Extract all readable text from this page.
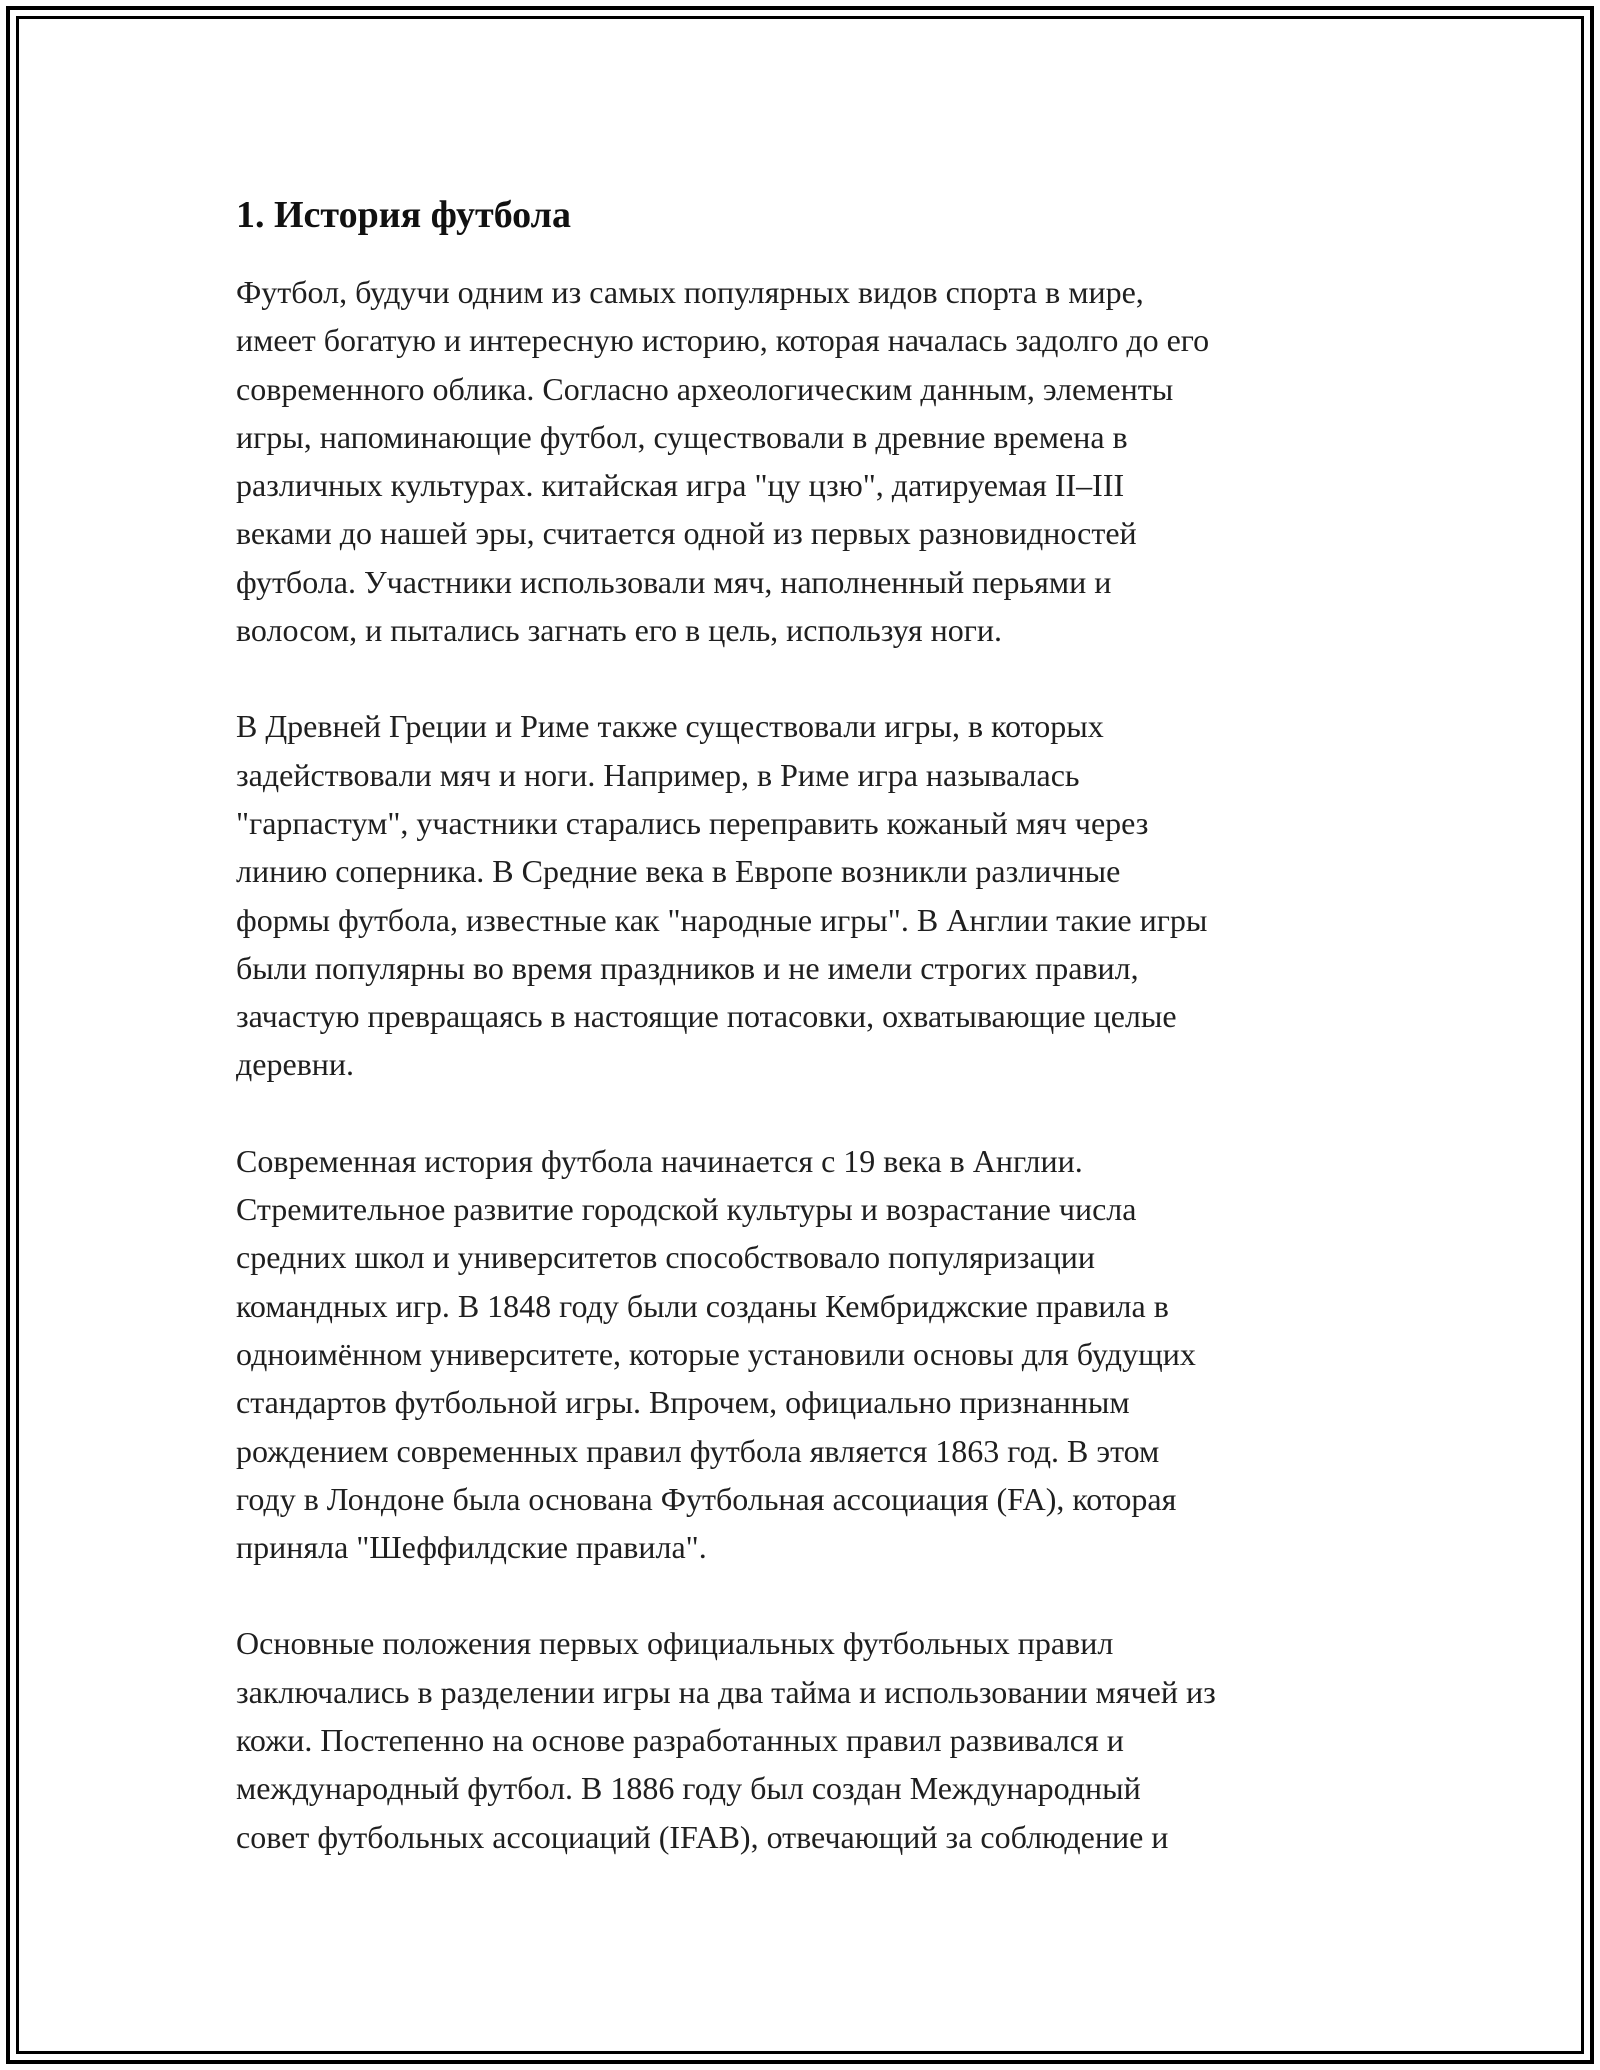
1. История футбола

Футбол, будучи одним из самых популярных видов спорта в мире,
имеет богатую и интересную историю, которая началась задолго до его
современного облика. Согласно археологическим данным, элементы
игры, напоминающие футбол, существовали в древние времена в
различных культурах. китайская игра "цу цзю", датируемая II–III
веками до нашей эры, считается одной из первых разновидностей
футбола. Участники использовали мяч, наполненный перьями и
волосом, и пытались загнать его в цель, используя ноги.

В Древней Греции и Риме также существовали игры, в которых
задействовали мяч и ноги. Например, в Риме игра называлась
"гарпастум", участники старались переправить кожаный мяч через
линию соперника. В Средние века в Европе возникли различные
формы футбола, известные как "народные игры". В Англии такие игры
были популярны во время праздников и не имели строгих правил,
зачастую превращаясь в настоящие потасовки, охватывающие целые
деревни.

Современная история футбола начинается с 19 века в Англии.
Стремительное развитие городской культуры и возрастание числа
средних школ и университетов способствовало популяризации
командных игр. В 1848 году были созданы Кембриджские правила в
одноимённом университете, которые установили основы для будущих
стандартов футбольной игры. Впрочем, официально признанным
рождением современных правил футбола является 1863 год. В этом
году в Лондоне была основана Футбольная ассоциация (FA), которая
приняла "Шеффилдские правила".

Основные положения первых официальных футбольных правил
заключались в разделении игры на два тайма и использовании мячей из
кожи. Постепенно на основе разработанных правил развивался и
международный футбол. В 1886 году был создан Международный
совет футбольных ассоциаций (IFAB), отвечающий за соблюдение и
